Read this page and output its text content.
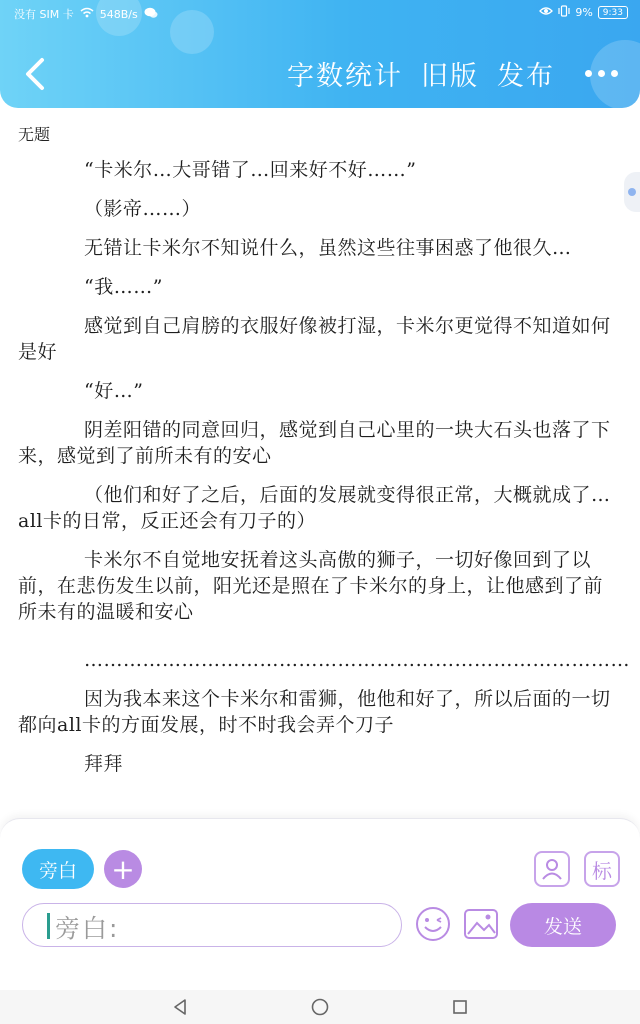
没有 SIM 卡 548B/s	9%	9:33
字数统计 旧版 发布
无题

“卡米尔…大哥错了…回来好不好……”

（影帝……）

无错让卡米尔不知说什么，虽然这些往事困惑了他很久…

“我……”

感觉到自己肩膀的衣服好像被打湿，卡米尔更觉得不知道如何是好

“好…”

阴差阳错的同意回归，感觉到自己心里的一块大石头也落了下来，感觉到了前所未有的安心

（他们和好了之后，后面的发展就变得很正常，大概就成了…all卡的日常，反正还会有刀子的）

卡米尔不自觉地安抚着这头高傲的狮子，一切好像回到了以前，在悲伤发生以前，阳光还是照在了卡米尔的身上，让他感到了前所未有的温暖和安心

…………………………………………………………………………

因为我本来这个卡米尔和雷狮，他他和好了，所以后面的一切都向all卡的方面发展，时不时我会弄个刀子

拜拜

旁白	+	标
旁白:	发送
